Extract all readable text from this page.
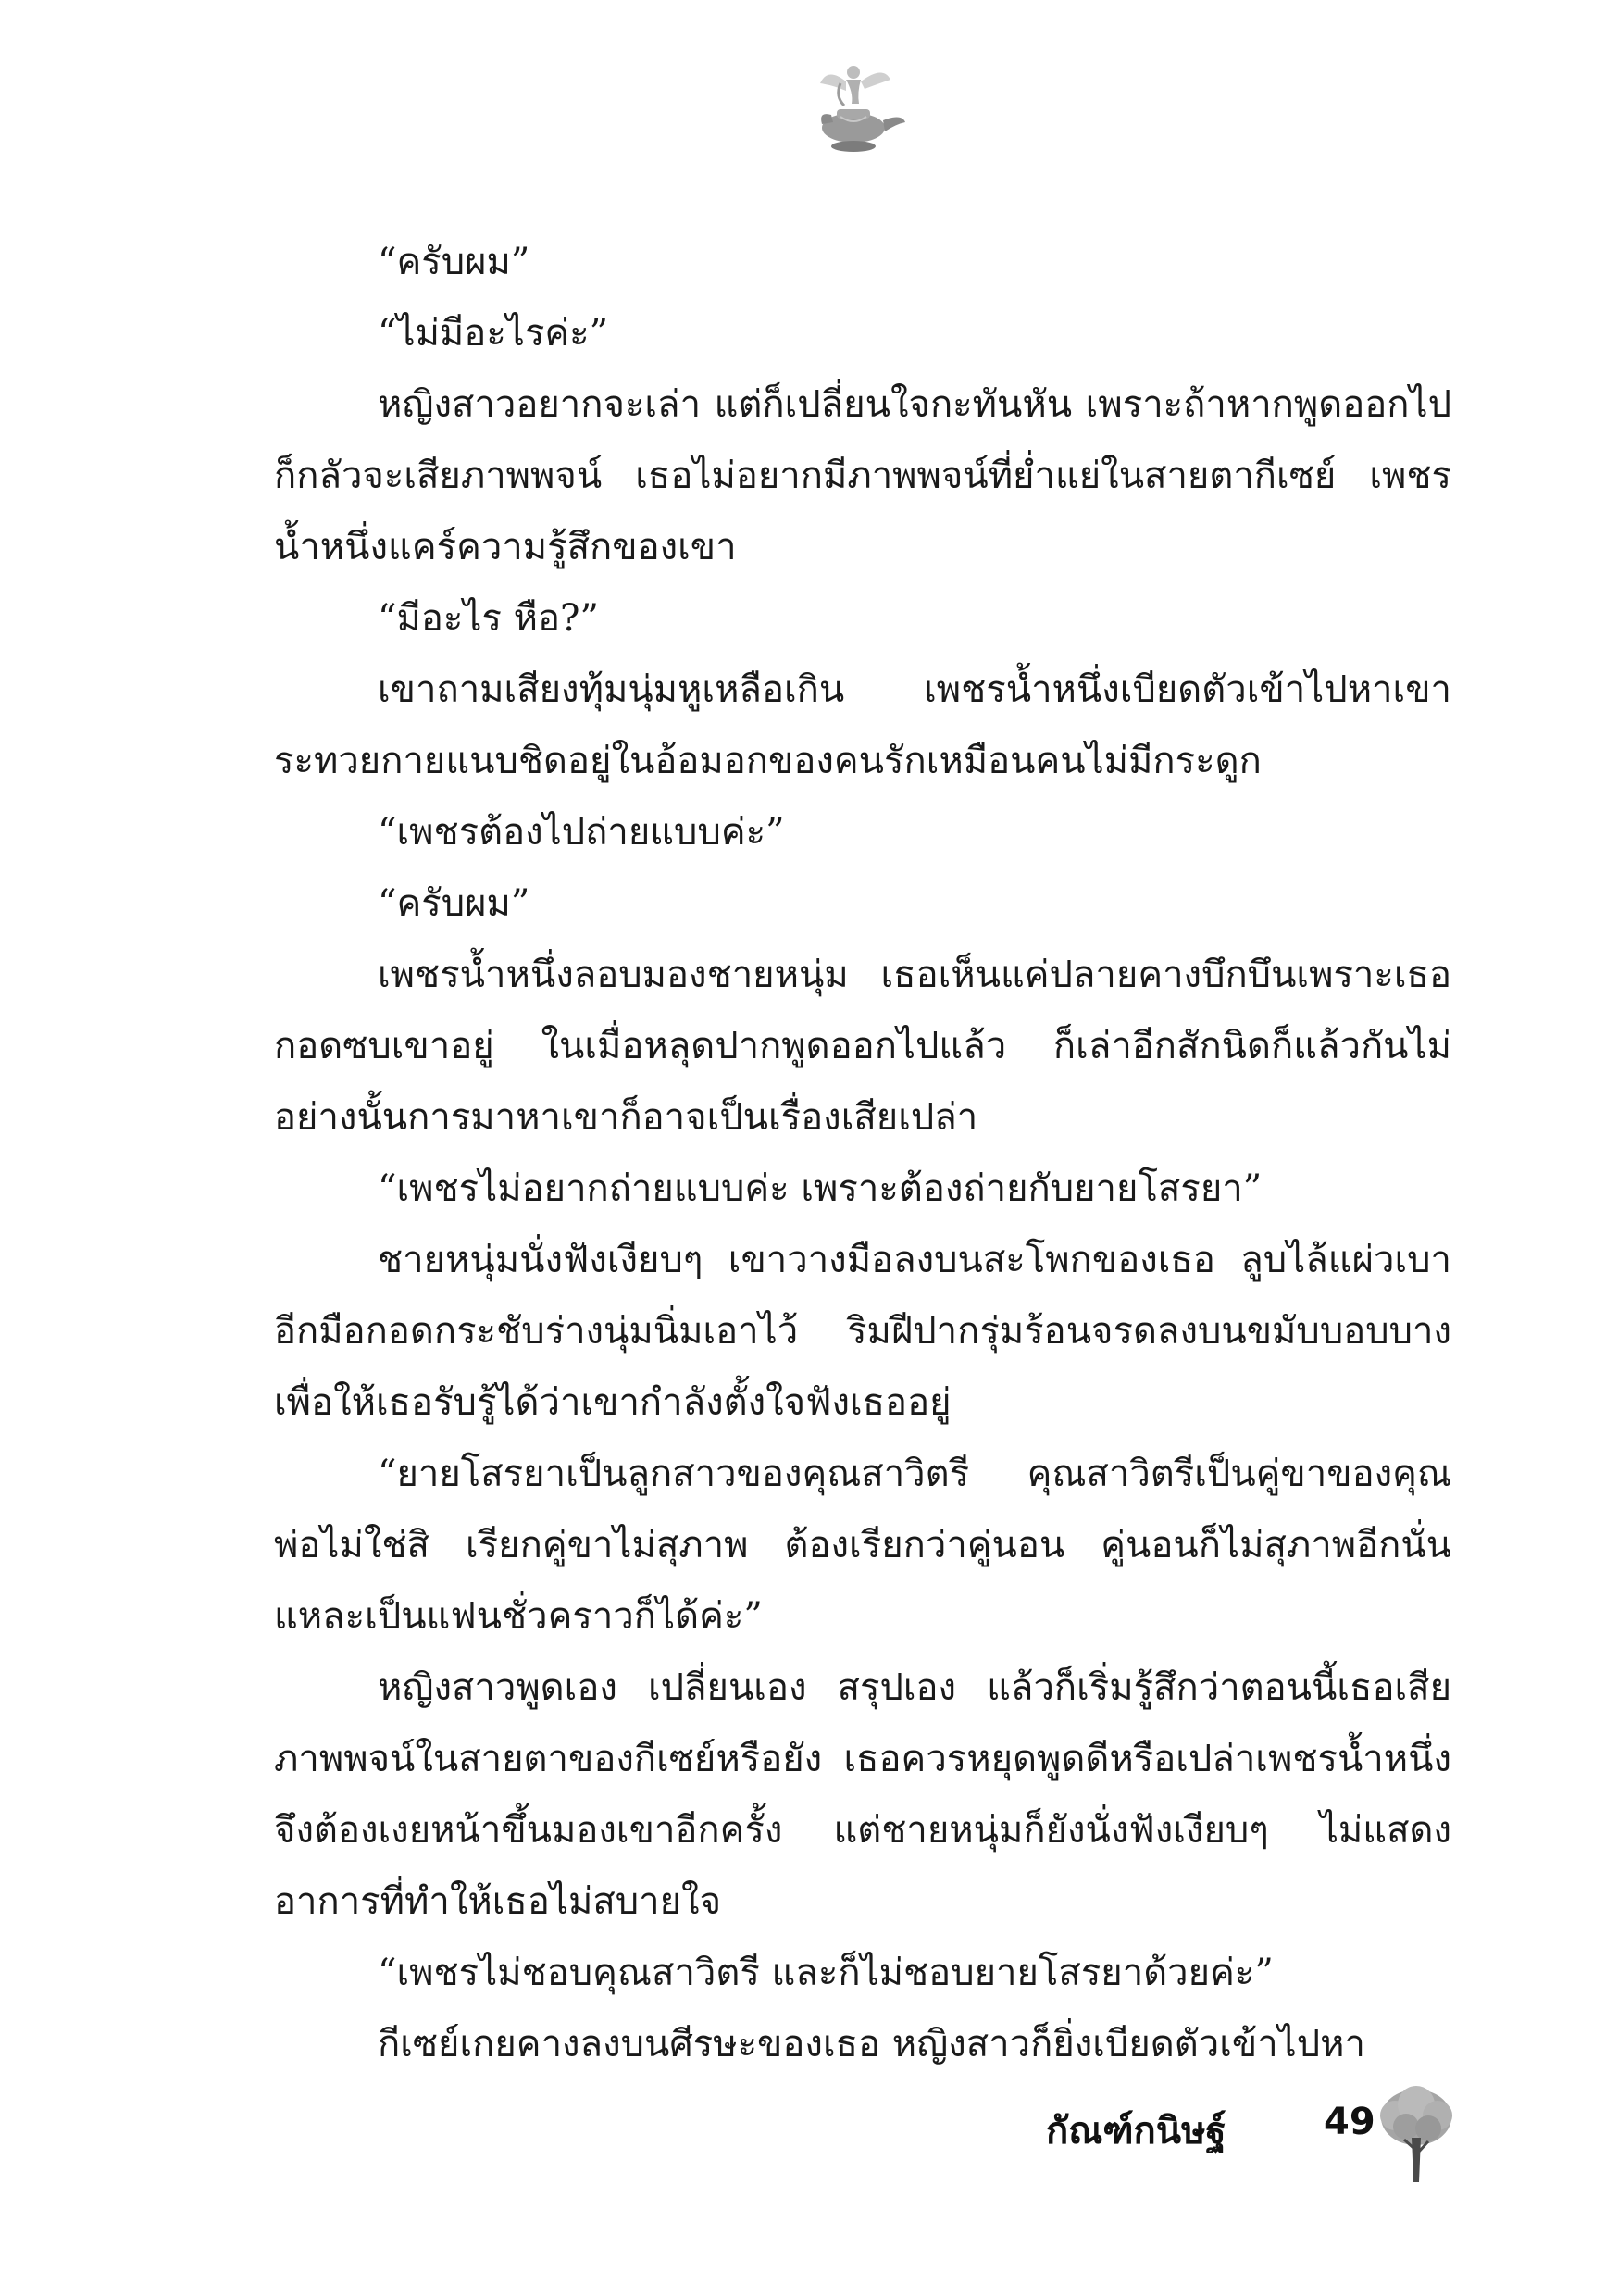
“ครับผม”

“ไม่มีอะไรค่ะ”

หญิงสาวอยากจะเล่า แต่ก็เปลี่ยนใจกะทันหัน เพราะถ้าหากพูดออกไป ก็กลัวจะเสียภาพพจน์ เธอไม่อยากมีภาพพจน์ที่ย่ำแย่ในสายตากีเซย์ เพชรน้ำหนึ่งแคร์ความรู้สึกของเขา

“มีอะไร หือ?”

เขาถามเสียงทุ้มนุ่มหูเหลือเกิน เพชรน้ำหนึ่งเบียดตัวเข้าไปหาเขาระทวยกายแนบชิดอยู่ในอ้อมอกของคนรักเหมือนคนไม่มีกระดูก

“เพชรต้องไปถ่ายแบบค่ะ”

“ครับผม”

เพชรน้ำหนึ่งลอบมองชายหนุ่ม เธอเห็นแค่ปลายคางบึกบึนเพราะเธอกอดซบเขาอยู่ ในเมื่อหลุดปากพูดออกไปแล้ว ก็เล่าอีกสักนิดก็แล้วกันไม่อย่างนั้นการมาหาเขาก็อาจเป็นเรื่องเสียเปล่า

“เพชรไม่อยากถ่ายแบบค่ะ เพราะต้องถ่ายกับยายโสรยา”

ชายหนุ่มนั่งฟังเงียบๆ เขาวางมือลงบนสะโพกของเธอ ลูบไล้แผ่วเบาอีกมือกอดกระชับร่างนุ่มนิ่มเอาไว้ ริมฝีปากรุ่มร้อนจรดลงบนขมับบอบบางเพื่อให้เธอรับรู้ได้ว่าเขากำลังตั้งใจฟังเธออยู่

“ยายโสรยาเป็นลูกสาวของคุณสาวิตรี คุณสาวิตรีเป็นคู่ขาของคุณพ่อไม่ใช่สิ เรียกคู่ขาไม่สุภาพ ต้องเรียกว่าคู่นอน คู่นอนก็ไม่สุภาพอีกนั่นแหละเป็นแฟนชั่วคราวก็ได้ค่ะ”

หญิงสาวพูดเอง เปลี่ยนเอง สรุปเอง แล้วก็เริ่มรู้สึกว่าตอนนี้เธอเสียภาพพจน์ในสายตาของกีเซย์หรือยัง เธอควรหยุดพูดดีหรือเปล่าเพชรน้ำหนึ่งจึงต้องเงยหน้าขึ้นมองเขาอีกครั้ง แต่ชายหนุ่มก็ยังนั่งฟังเงียบๆ ไม่แสดงอาการที่ทำให้เธอไม่สบายใจ

“เพชรไม่ชอบคุณสาวิตรี และก็ไม่ชอบยายโสรยาด้วยค่ะ”

กีเซย์เกยคางลงบนศีรษะของเธอ หญิงสาวก็ยิ่งเบียดตัวเข้าไปหา

กัณฑ์กนิษฐ์	49
